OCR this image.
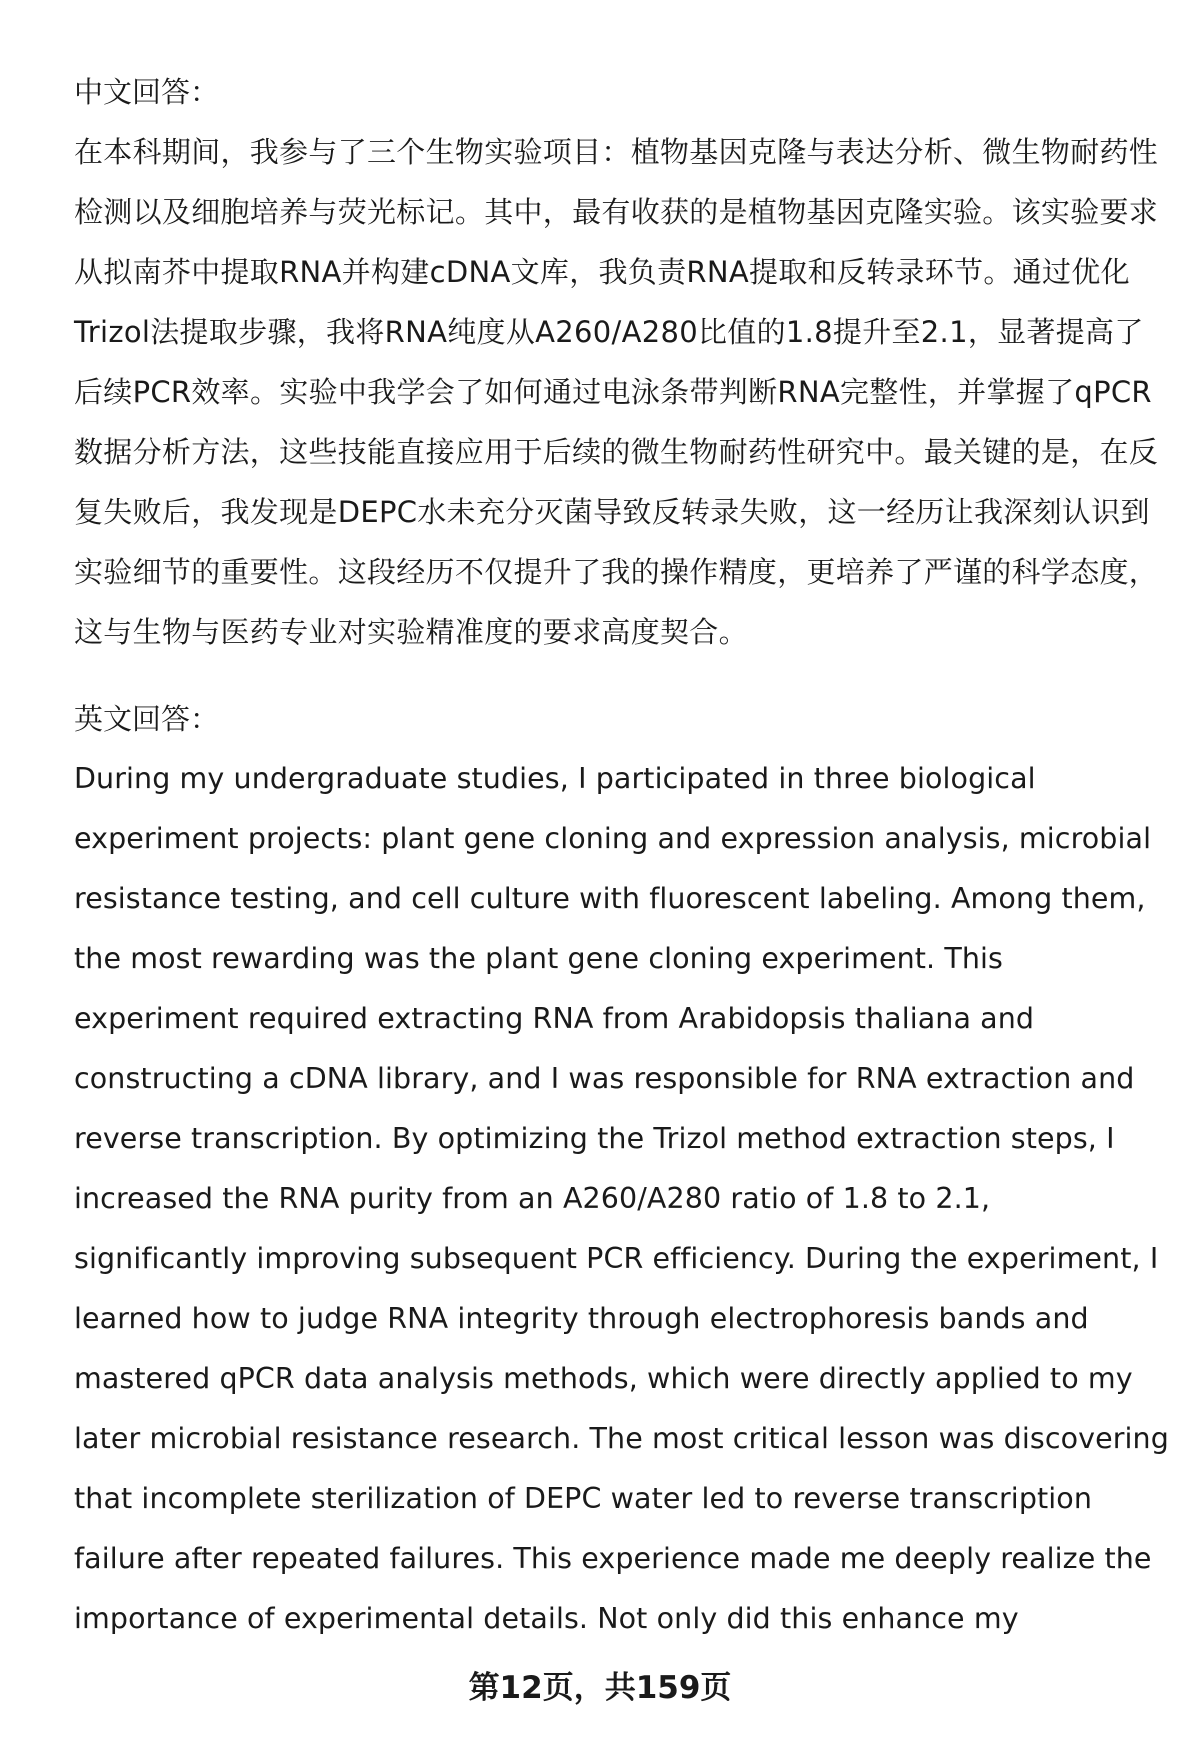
中文回答：

在本科期间，我参与了三个生物实验项目：植物基因克隆与表达分析、微生物耐药性检测以及细胞培养与荧光标记。其中，最有收获的是植物基因克隆实验。该实验要求从拟南芥中提取RNA并构建cDNA文库，我负责RNA提取和反转录环节。通过优化Trizol法提取步骤，我将RNA纯度从A260/A280比值的1.8提升至2.1，显著提高了后续PCR效率。实验中我学会了如何通过电泳条带判断RNA完整性，并掌握了qPCR数据分析方法，这些技能直接应用于后续的微生物耐药性研究中。最关键的是，在反复失败后，我发现是DEPC水未充分灭菌导致反转录失败，这一经历让我深刻认识到实验细节的重要性。这段经历不仅提升了我的操作精度，更培养了严谨的科学态度，这与生物与医药专业对实验精准度的要求高度契合。

英文回答：

During my undergraduate studies, I participated in three biological experiment projects: plant gene cloning and expression analysis, microbial resistance testing, and cell culture with fluorescent labeling. Among them, the most rewarding was the plant gene cloning experiment. This experiment required extracting RNA from Arabidopsis thaliana and constructing a cDNA library, and I was responsible for RNA extraction and reverse transcription. By optimizing the Trizol method extraction steps, I increased the RNA purity from an A260/A280 ratio of 1.8 to 2.1, significantly improving subsequent PCR efficiency. During the experiment, I learned how to judge RNA integrity through electrophoresis bands and mastered qPCR data analysis methods, which were directly applied to my later microbial resistance research. The most critical lesson was discovering that incomplete sterilization of DEPC water led to reverse transcription failure after repeated failures. This experience made me deeply realize the importance of experimental details. Not only did this enhance my

第12页，共159页
